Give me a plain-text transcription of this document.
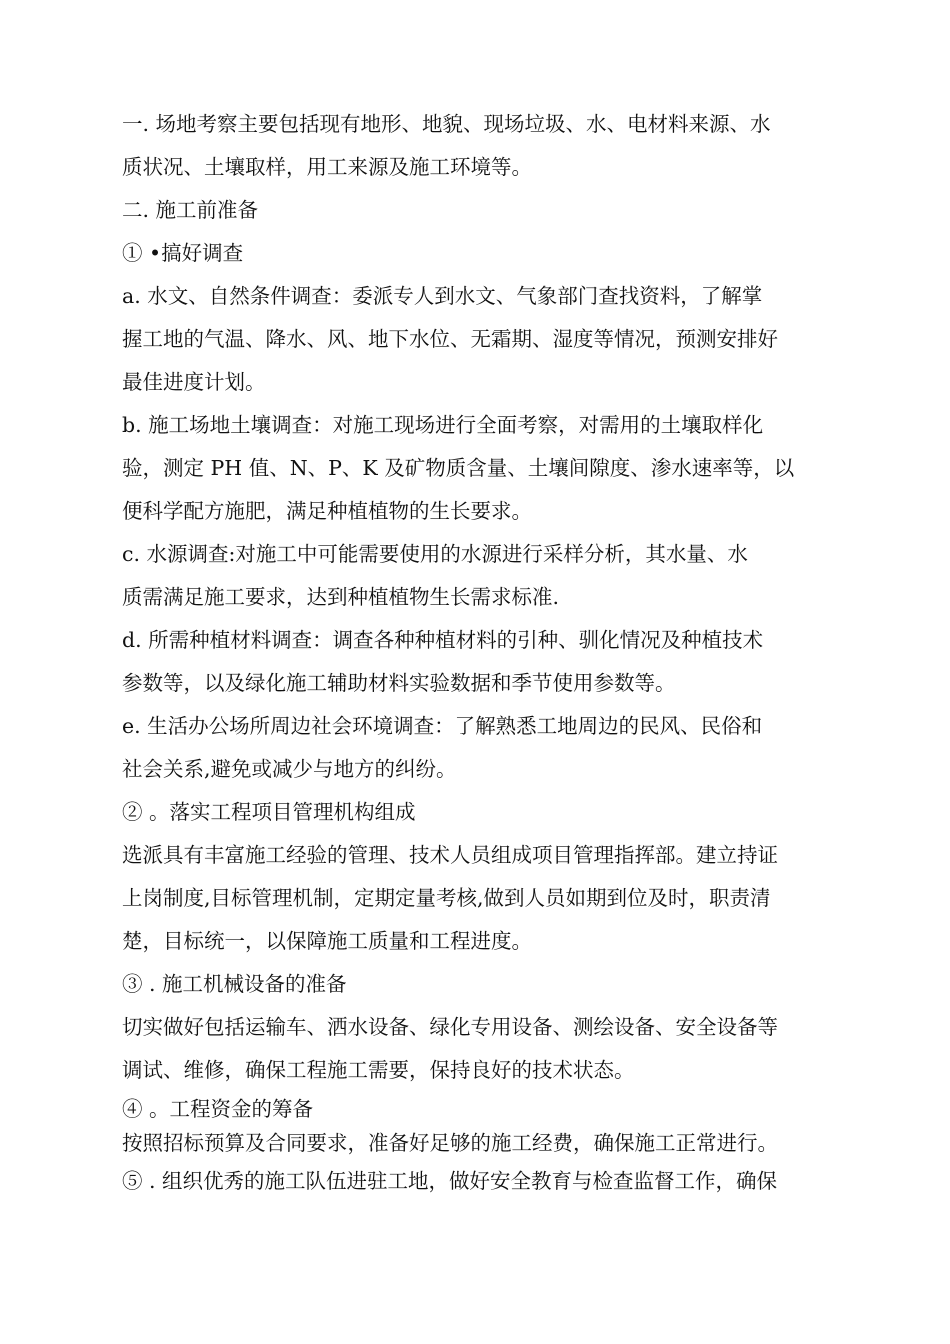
一. 场地考察主要包括现有地形、地貌、现场垃圾、水、电材料来源、水
质状况、土壤取样，用工来源及施工环境等。
二. 施工前准备
① •搞好调查
a. 水文、自然条件调查：委派专人到水文、气象部门查找资料，了解掌
握工地的气温、降水、风、地下水位、无霜期、湿度等情况，预测安排好
最佳进度计划。
b. 施工场地土壤调查：对施工现场进行全面考察，对需用的土壤取样化
验，测定 PH 值、N、P、K 及矿物质含量、土壤间隙度、渗水速率等，以
便科学配方施肥，满足种植植物的生长要求。
c. 水源调查:对施工中可能需要使用的水源进行采样分析，其水量、水
质需满足施工要求，达到种植植物生长需求标准.
d. 所需种植材料调查：调查各种种植材料的引种、驯化情况及种植技术
参数等，以及绿化施工辅助材料实验数据和季节使用参数等。
e. 生活办公场所周边社会环境调查：了解熟悉工地周边的民风、民俗和
社会关系,避免或减少与地方的纠纷。
② 。落实工程项目管理机构组成
选派具有丰富施工经验的管理、技术人员组成项目管理指挥部。建立持证
上岗制度,目标管理机制，定期定量考核,做到人员如期到位及时，职责清
楚，目标统一，以保障施工质量和工程进度。
③ . 施工机械设备的准备
切实做好包括运输车、洒水设备、绿化专用设备、测绘设备、安全设备等
调试、维修，确保工程施工需要，保持良好的技术状态。
④ 。工程资金的筹备
按照招标预算及合同要求，准备好足够的施工经费，确保施工正常进行。
⑤ . 组织优秀的施工队伍进驻工地，做好安全教育与检查监督工作，确保
